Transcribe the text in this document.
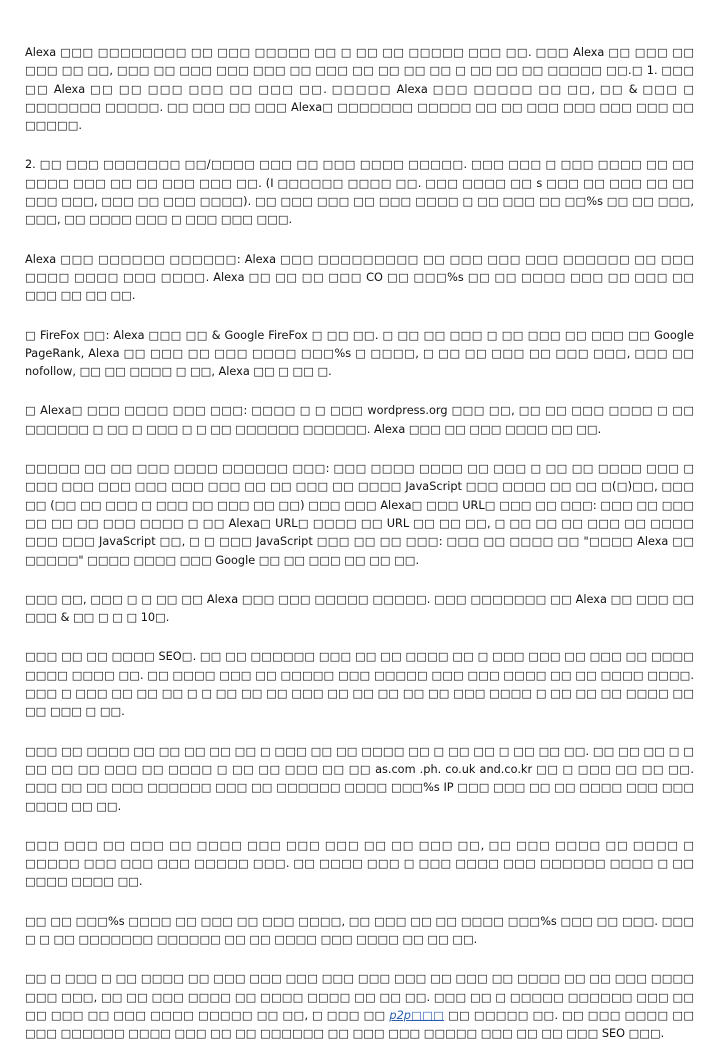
Alexa □□□ □□□□□□□□ □□ □□□ □□□□□ □□ □ □□ □□ □□□□□ □□□ □□. □□□ Alexa □□ □□□ □□ □□□ □□ □□, □□□ □□ □□□ □□□ □□□ □□ □□□ □□ □□ □□ □□ □ □□ □□ □□ □□□□□ □□.□ 1. □□□ □□ Alexa □□ □□ □□□ □□□ □□ □□□ □□. □□□□□ Alexa □□□ □□□□□ □□ □□, □□ & □□□ □ □□□□□□□ □□□□□. □□ □□□ □□ □□□ Alexa□ □□□□□□□ □□□□□ □□ □□ □□□ □□□ □□□ □□□ □□ □□□□□.

2. □□ □□□ □□□□□□□ □□/□□□□ □□□ □□ □□□ □□□□ □□□□□. □□□ □□□ □ □□□ □□□□ □□ □□ □□□□ □□□ □□ □□ □□□ □□□ □□. (I □□□□□□ □□□□ □□. □□□ □□□□ □□ s □□□ □□ □□□ □□ □□ □□□ □□□, □□□ □□ □□□ □□□□). □□ □□□ □□□ □□ □□□ □□□□ □ □□ □□□ □□ □□%s □□ □□ □□□, □□□, □□ □□□□ □□□ □ □□□ □□□ □□□.

Alexa □□□ □□□□□□ □□□□□□: Alexa □□□ □□□□□□□□□ □□ □□□ □□□ □□□ □□□□□□ □□ □□□ □□□□ □□□□ □□□ □□□□. Alexa □□ □□ □□ □□□ CO □□ □□□%s □□ □□ □□□□ □□□ □□ □□□ □□ □□□ □□ □□ □□.

□ FireFox □□: Alexa □□□ □□ & Google FireFox □ □□ □□. □ □□ □□ □□□ □ □□ □□□ □□ □□□ □□ Google PageRank, Alexa □□ □□□ □□ □□□ □□□□ □□□%s □ □□□□, □ □□ □□ □□□ □□ □□□ □□□, □□□ □□ nofollow, □□ □□ □□□□ □ □□, Alexa □□ □ □□ □.

□ Alexa□ □□□ □□□□ □□□ □□□: □□□□ □ □ □□□ wordpress.org □□□ □□, □□ □□ □□□ □□□□ □ □□ □□□□□□ □ □□ □ □□□ □ □ □□ □□□□□□ □□□□□□. Alexa □□□ □□ □□□ □□□□ □□ □□.

□□□□□ □□ □□ □□□ □□□□ □□□□□□ □□□: □□□ □□□□ □□□□ □□ □□□ □ □□ □□ □□□□ □□□ □ □□□ □□□ □□□ □□□ □□□ □□□ □□ □□ □□□ □□ □□□□ JavaScript □□□ □□□□ □□ □□ □(□)□□, □□□ □□ (□□ □□ □□□ □ □□□ □□ □□□ □□ □□) □□□ □□□ Alexa□ □□□ URL□ □□□ □□ □□□: □□□ □□ □□□ □□ □□ □□ □□□ □□□□ □ □□ Alexa□ URL□ □□□□ □□ URL □□ □□ □□, □ □□ □□ □□ □□□ □□ □□□□ □□□ □□□ JavaScript □□, □ □ □□□ JavaScript □□□ □□ □□ □□□: □□□ □□ □□□□ □□ "□□□□ Alexa □□ □□□□□" □□□□ □□□□ □□□ Google □□ □□ □□□ □□ □□ □□.

□□□ □□, □□□ □ □ □□ □□ Alexa □□□ □□□ □□□□□ □□□□□. □□□ □□□□□□□ □□ Alexa □□ □□□ □□ □□□ & □□ □ □ □ 10□.

□□□ □□ □□ □□□□ SEO□. □□ □□ □□□□□□ □□□ □□ □□ □□□□ □□ □ □□□ □□□ □□ □□□ □□ □□□□ □□□□ □□□□ □□. □□ □□□□ □□□ □□ □□□□□ □□□ □□□□□ □□□ □□□ □□□□ □□ □□ □□□□ □□□□. □□□ □ □□□ □□ □□ □□ □ □ □□ □□ □□ □□□ □□ □□ □□ □□ □□ □□□ □□□□ □ □□ □□ □□ □□□□ □□ □□ □□□ □ □□.

□□□ □□ □□□□ □□ □□ □□ □□ □□ □ □□□ □□ □□ □□□□ □□ □ □□ □□ □ □□ □□ □□. □□ □□ □□ □ □ □□ □□ □□ □□□ □□ □□□□ □ □□ □□ □□□ □□ □□ as.com .ph. co.uk and.co.kr □□ □ □□□ □□ □□ □□. □□□ □□ □□ □□□ □□□□□□ □□□ □□ □□□□□□ □□□□ □□□%s IP □□□ □□□ □□ □□ □□□□ □□□ □□□ □□□□ □□ □□.

□□□ □□□ □□ □□□ □□ □□□□ □□□ □□□ □□□ □□ □□ □□□ □□, □□ □□□ □□□□ □□ □□□□ □ □□□□□ □□□ □□□ □□□ □□□□□ □□□. □□ □□□□ □□□ □ □□□ □□□□ □□□ □□□□□□ □□□□ □ □□ □□□□ □□□□ □□.

□□ □□ □□□%s □□□□ □□ □□□ □□ □□□ □□□□, □□ □□□ □□ □□ □□□□ □□□%s □□□ □□ □□□. □□□ □ □ □□ □□□□□□□ □□□□□□ □□ □□ □□□□ □□□ □□□□ □□ □□ □□.

□□ □ □□□ □ □□ □□□□ □□ □□□ □□□ □□□ □□□ □□□ □□□ □□ □□□ □□ □□□□ □□ □□ □□□ □□□□ □□□ □□□, □□ □□ □□□ □□□□ □□ □□□□ □□□□ □□ □□ □□. □□□ □□ □ □□□□□ □□□□□□ □□□ □□ □□ □□□ □□ □□□ □□□□ □□□□□ □□ □□, □ □□□ □□ p2p□□□ □□ □□□□□ □□. □□ □□□ □□□□ □□ □□□ □□□□□□ □□□□ □□□ □□ □□ □□□□□□ □□ □□□ □□□ □□□□□ □□□ □□ □□ □□□ SEO □□□.
